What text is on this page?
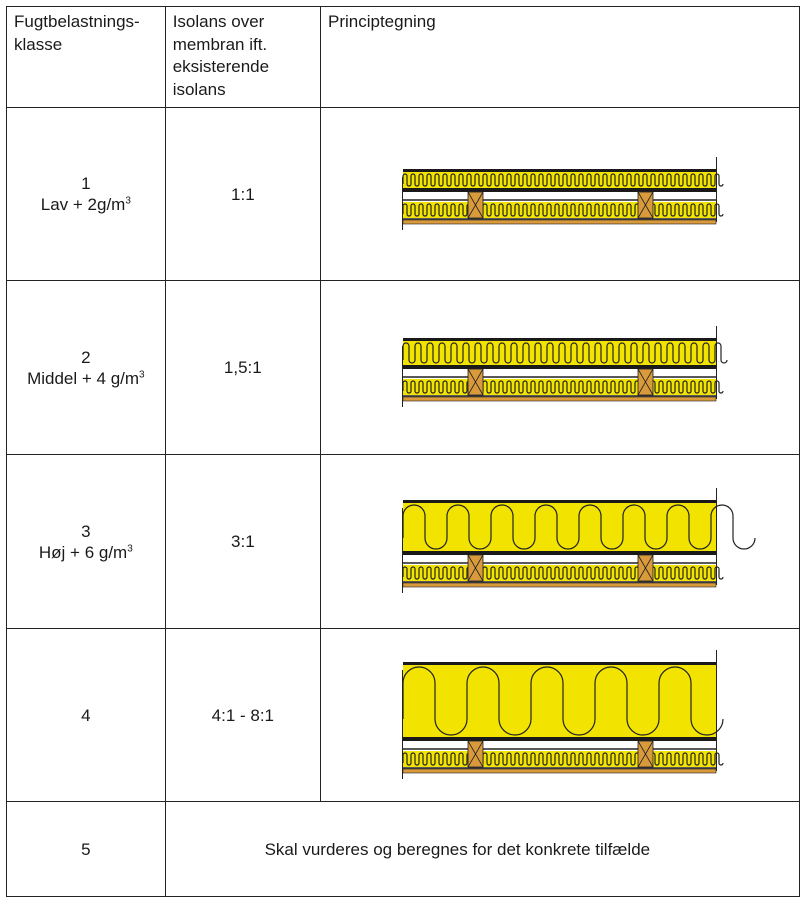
Fugtbelastnings-
klasse	Isolans over membran ift. eksisterende isolans	Principtegning

1
Lav + $2g/m^3$	1:1	

2
Middel + 4 $g/m^3$	1,5:1	

3
Høj + 6 $g/m^3$	3:1	

4	4:1 - 8:1	

5	Skal vurderes og beregnes for det konkrete tilfælde	
